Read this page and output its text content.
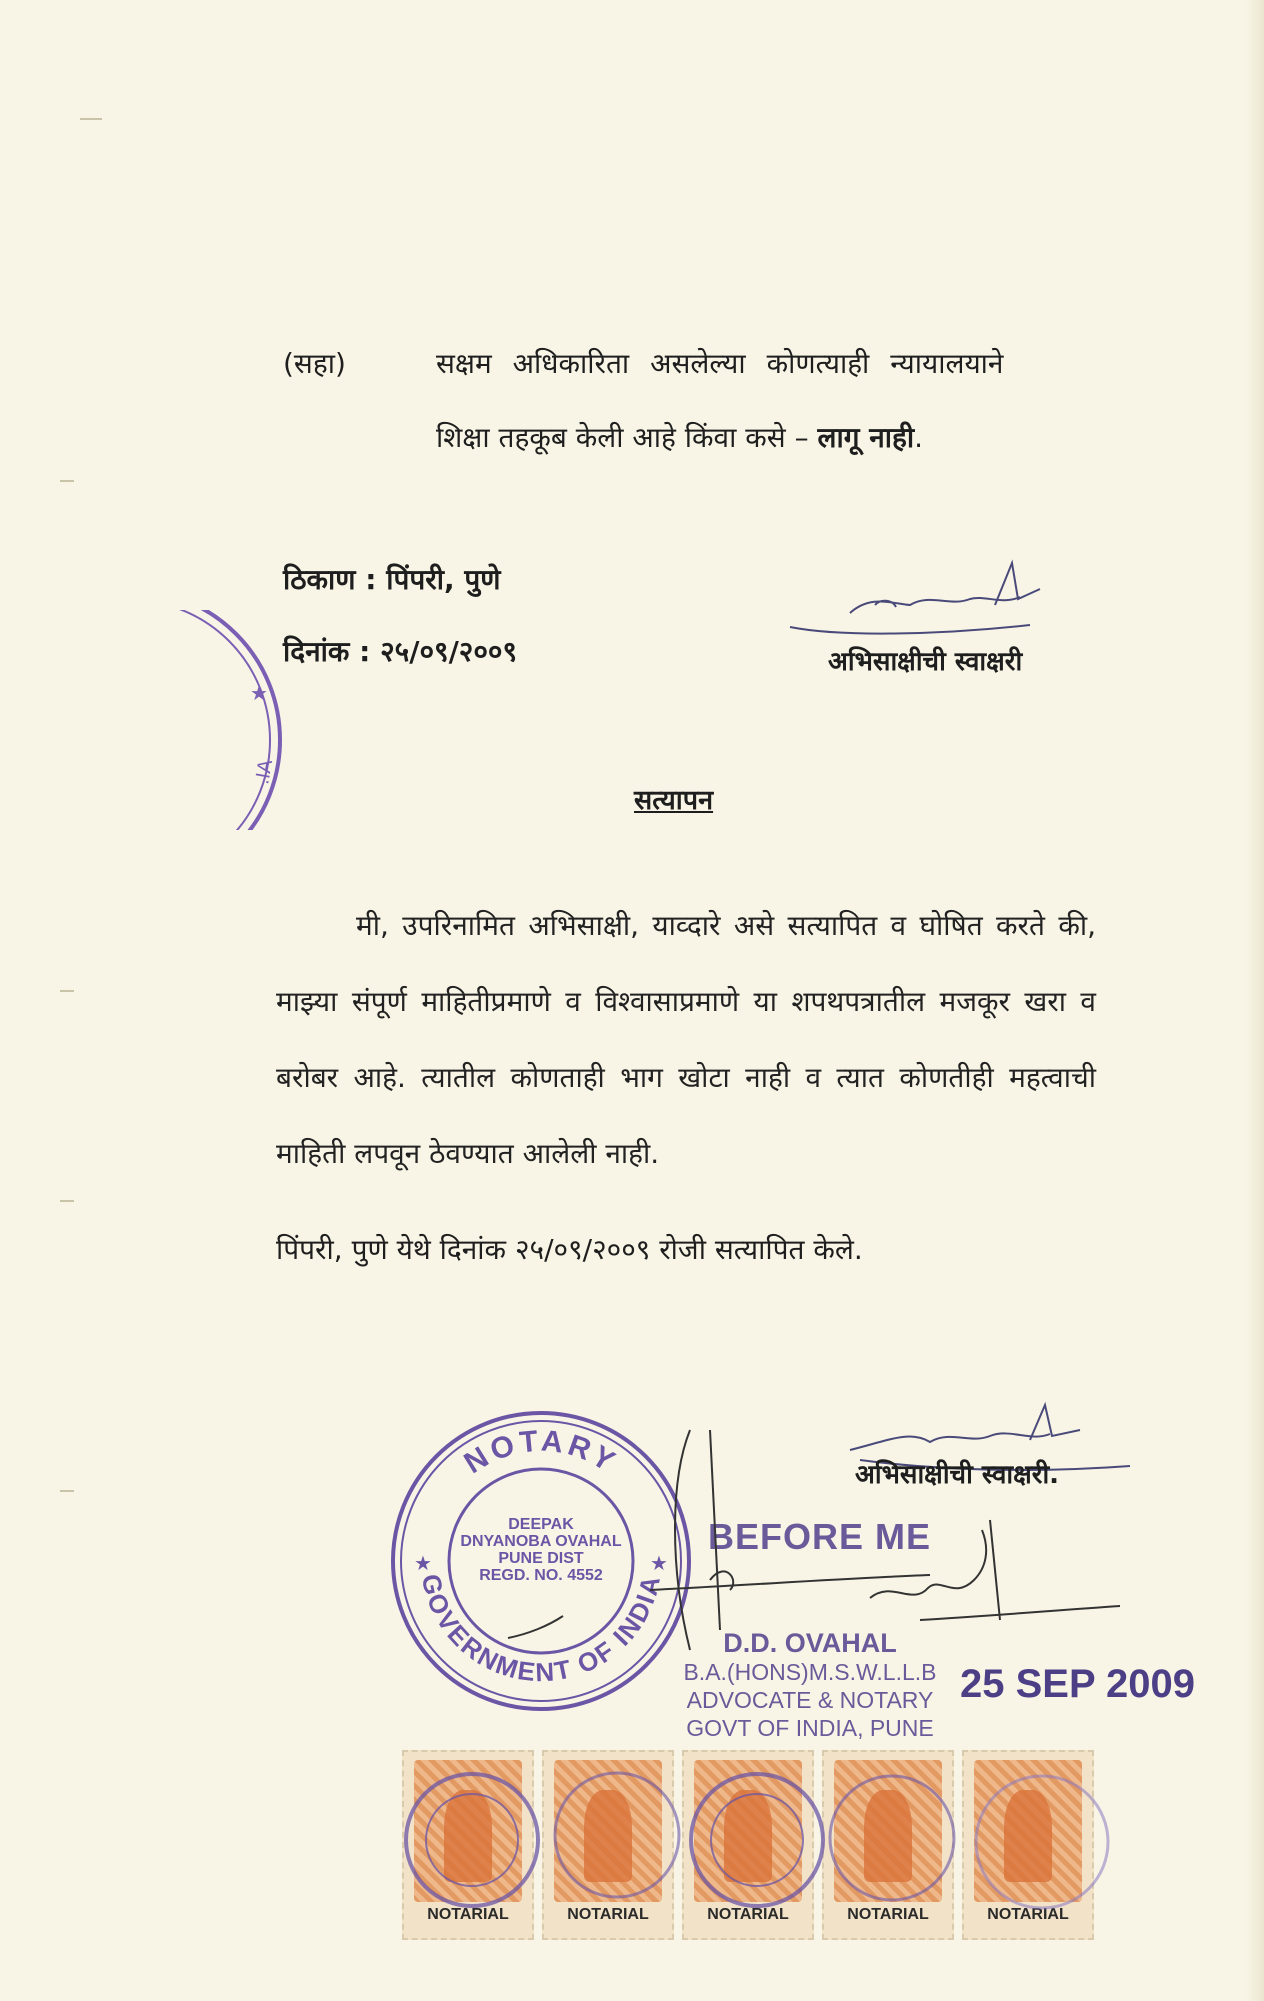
(सहा)	सक्षम अधिकारिता असलेल्या कोणत्याही न्यायालयाने
शिक्षा तहकूब केली आहे किंवा कसे – लागू नाही.
ठिकाण : पिंपरी, पुणे
दिनांक : २५/०९/२००९	अभिसाक्षीची स्वाक्षरी
★
.IA
सत्यापन
मी, उपरिनामित अभिसाक्षी, याव्दारे असे सत्यापित व घोषित करते की, माझ्या संपूर्ण माहितीप्रमाणे व विश्वासाप्रमाणे या शपथपत्रातील मजकूर खरा व बरोबर आहे. त्यातील कोणताही भाग खोटा नाही व त्यात कोणतीही महत्वाची माहिती लपवून ठेवण्यात आलेली नाही.
पिंपरी, पुणे येथे दिनांक २५/०९/२००९ रोजी सत्यापित केले.
अभिसाक्षीची स्वाक्षरी.
NOTARY
GOVERNMENT OF INDIA
★	★
DEEPAK
DNYANOBA OVAHAL
PUNE DIST
REGD. NO. 4552
BEFORE ME
D.D. OVAHAL
B.A.(HONS)M.S.W.L.L.B
ADVOCATE & NOTARY
GOVT OF INDIA, PUNE
25 SEP 2009
NOTARIAL	NOTARIAL	NOTARIAL	NOTARIAL	NOTARIAL
